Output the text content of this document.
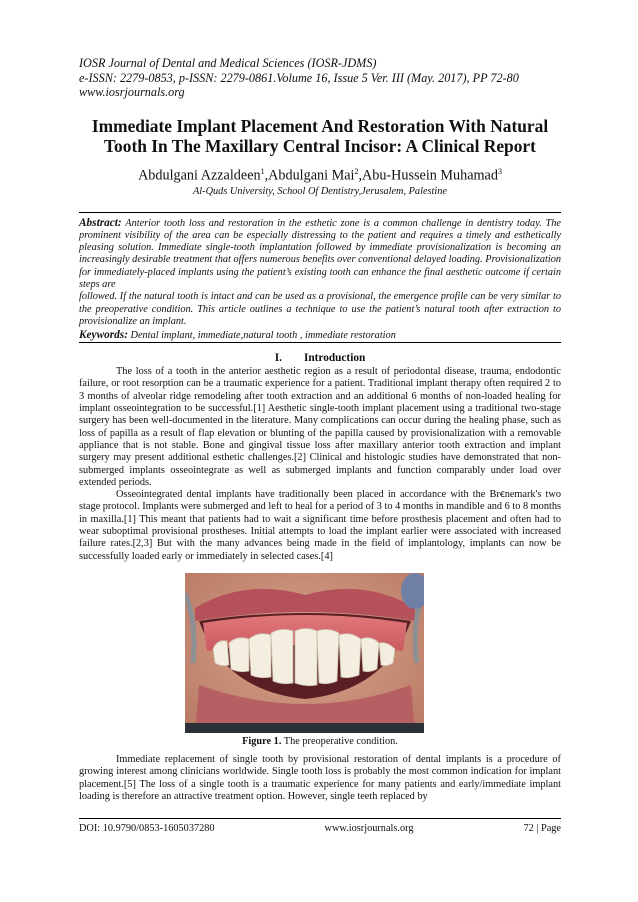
IOSR Journal of Dental and Medical Sciences (IOSR-JDMS)
e-ISSN: 2279-0853, p-ISSN: 2279-0861.Volume 16, Issue 5 Ver. III (May. 2017), PP 72-80
www.iosrjournals.org
Immediate Implant Placement And Restoration With Natural
Tooth In The Maxillary Central Incisor: A Clinical Report
Abdulgani Azzaldeen$^1$,Abdulgani Mai$^2$,Abu-Hussein Muhamad$^3$
Al-Quds University, School Of Dentistry,Jerusalem, Palestine
Abstract: Anterior tooth loss and restoration in the esthetic zone is a common challenge in dentistry today. The prominent visibility of the area can be especially distressing to the patient and requires a timely and esthetically pleasing solution. Immediate single-tooth implantation followed by immediate provisionalization is becoming an increasingly desirable treatment that offers numerous benefits over conventional delayed loading. Provisionalization for immediately-placed implants using the patient’s existing tooth can enhance the final aesthetic outcome if certain steps are
followed. If the natural tooth is intact and can be used as a provisional, the emergence profile can be very similar to the preoperative condition. This article outlines a technique to use the patient’s natural tooth after extraction to provisionalize an implant.
Keywords: Dental implant, immediate,natural tooth , immediate restoration
I. Introduction

The loss of a tooth in the anterior aesthetic region as a result of periodontal disease, trauma, endodontic failure, or root resorption can be a traumatic experience for a patient. Traditional implant therapy often required 2 to 3 months of alveolar ridge remodeling after tooth extraction and an additional 6 months of non-loaded healing for implant osseointegration to be successful.[1] Aesthetic single-tooth implant placement using a traditional two-stage surgery has been well-documented in the literature. Many complications can occur during the healing phase, such as loss of papilla as a result of flap elevation or blunting of the papilla caused by provisionalization with a removable appliance that is not stable. Bone and gingival tissue loss after maxillary anterior tooth extraction and implant surgery may present additional esthetic challenges.[2] Clinical and histologic studies have demonstrated that non-submerged implants osseointegrate as well as submerged implants and function comparably under load over extended periods.

Osseointegrated dental implants have traditionally been placed in accordance with the Brꞓnemark's two stage protocol. Implants were submerged and left to heal for a period of 3 to 4 months in mandible and 6 to 8 months in maxilla.[1] This meant that patients had to wait a significant time before prosthesis placement and often had to wear suboptimal provisional prostheses. Initial attempts to load the implant earlier were associated with increased failure rates.[2,3] But with the many advances being made in the field of implantology, implants can now be successfully loaded early or immediately in selected cases.[4]

Figure 1. The preoperative condition.

Immediate replacement of single tooth by provisional restoration of dental implants is a procedure of growing interest among clinicians worldwide. Single tooth loss is probably the most common indication for implant placement.[5] The loss of a single tooth is a traumatic experience for many patients and early/immediate implant loading is therefore an attractive treatment option. However, single teeth replaced by

DOI: 10.9790/0853-1605037280	www.iosrjournals.org	72 | Page
